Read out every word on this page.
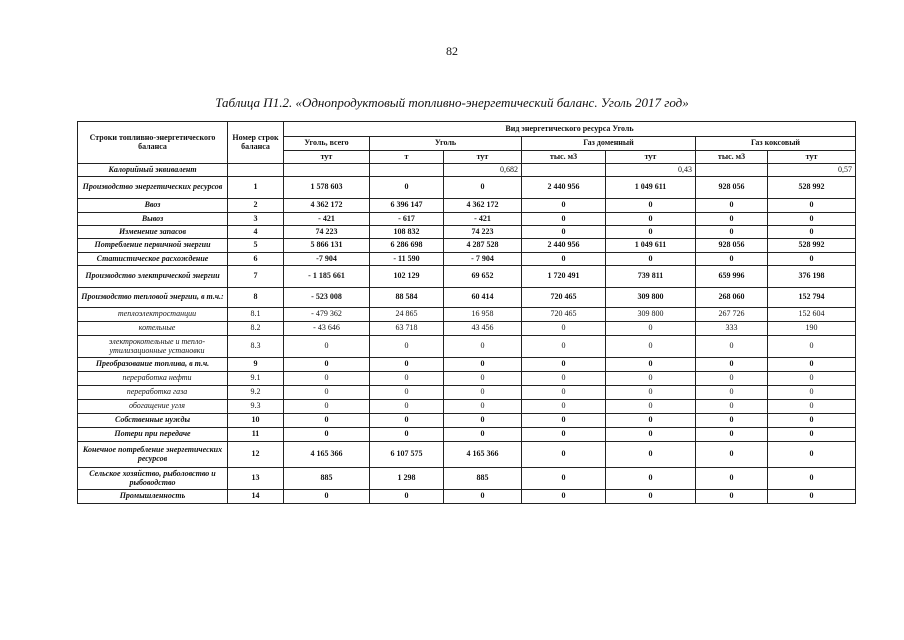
82
Таблица П1.2. «Однопродуктовый топливно-энергетический баланс. Уголь 2017 год»
Строки топливно-энергетического баланса	Номер строк баланса	Вид энергетического ресурса Уголь						
		Уголь, всего	Уголь		Газ доменный		Газ коксовый	
		тут	т	тут	тыс. м3	тут	тыс. м3	тут
Калорийный эквивалент				0,682		0,43		0,57
Производство энергетических ресурсов	1	1 578 603	0	0	2 440 956	1 049 611	928 056	528 992
Ввоз	2	4 362 172	6 396 147	4 362 172	0	0	0	0
Вывоз	3	- 421	- 617	- 421	0	0	0	0
Изменение запасов	4	74 223	108 832	74 223	0	0	0	0
Потребление первичной энергии	5	5 866 131	6 286 698	4 287 528	2 440 956	1 049 611	928 056	528 992
Статистическое расхождение	6	-7 904	- 11 590	- 7 904	0	0	0	0
Производство электрической энергии	7	- 1 185 661	102 129	69 652	1 720 491	739 811	659 996	376 198
Производство тепловой энергии, в т.ч.:	8	- 523 008	88 584	60 414	720 465	309 800	268 060	152 794
теплоэлектростанции	8.1	- 479 362	24 865	16 958	720 465	309 800	267 726	152 604
котельные	8.2	- 43 646	63 718	43 456	0	0	333	190
электрокотельные и тепло-утилизационные установки	8.3	0	0	0	0	0	0	0
Преобразование топлива, в т.ч.	9	0	0	0	0	0	0	0
переработка нефти	9.1	0	0	0	0	0	0	0
переработка газа	9.2	0	0	0	0	0	0	0
обогащение угля	9.3	0	0	0	0	0	0	0
Собственные нужды	10	0	0	0	0	0	0	0
Потери при передаче	11	0	0	0	0	0	0	0
Конечное потребление энергетических ресурсов	12	4 165 366	6 107 575	4 165 366	0	0	0	0
Сельское хозяйство, рыболовство и рыбоводство	13	885	1 298	885	0	0	0	0
Промышленность	14	0	0	0	0	0	0	0
